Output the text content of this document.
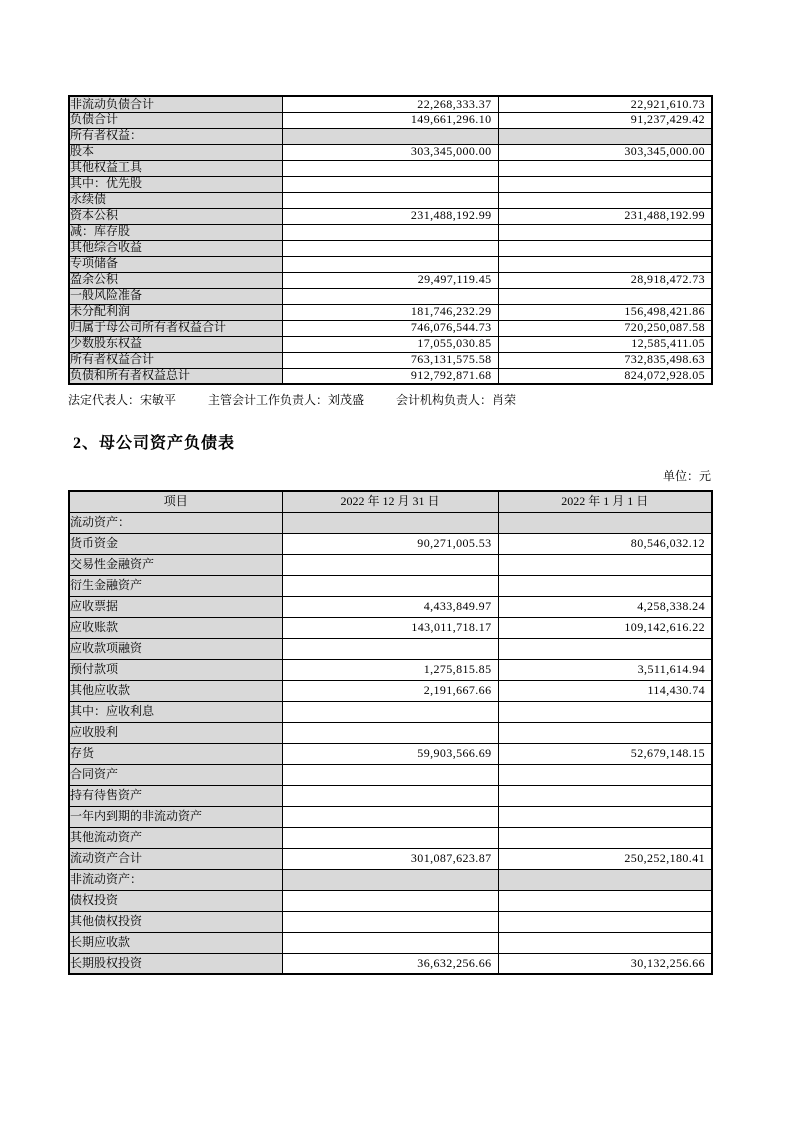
非流动负债合计	22,268,333.37	22,921,610.73
负债合计	149,661,296.10	91,237,429.42
所有者权益：		
股本	303,345,000.00	303,345,000.00
其他权益工具		
其中：优先股		
永续债		
资本公积	231,488,192.99	231,488,192.99
减：库存股		
其他综合收益		
专项储备		
盈余公积	29,497,119.45	28,918,472.73
一般风险准备		
未分配利润	181,746,232.29	156,498,421.86
归属于母公司所有者权益合计	746,076,544.73	720,250,087.58
少数股东权益	17,055,030.85	12,585,411.05
所有者权益合计	763,131,575.58	732,835,498.63
负债和所有者权益总计	912,792,871.68	824,072,928.05
法定代表人：宋敏平	主管会计工作负责人：刘茂盛	会计机构负责人：肖荣
2、母公司资产负债表
单位：元
项目	2022 年 12 月 31 日	2022 年 1 月 1 日
流动资产：		
货币资金	90,271,005.53	80,546,032.12
交易性金融资产		
衍生金融资产		
应收票据	4,433,849.97	4,258,338.24
应收账款	143,011,718.17	109,142,616.22
应收款项融资		
预付款项	1,275,815.85	3,511,614.94
其他应收款	2,191,667.66	114,430.74
其中：应收利息		
应收股利		
存货	59,903,566.69	52,679,148.15
合同资产		
持有待售资产		
一年内到期的非流动资产		
其他流动资产		
流动资产合计	301,087,623.87	250,252,180.41
非流动资产：		
债权投资		
其他债权投资		
长期应收款		
长期股权投资	36,632,256.66	30,132,256.66
